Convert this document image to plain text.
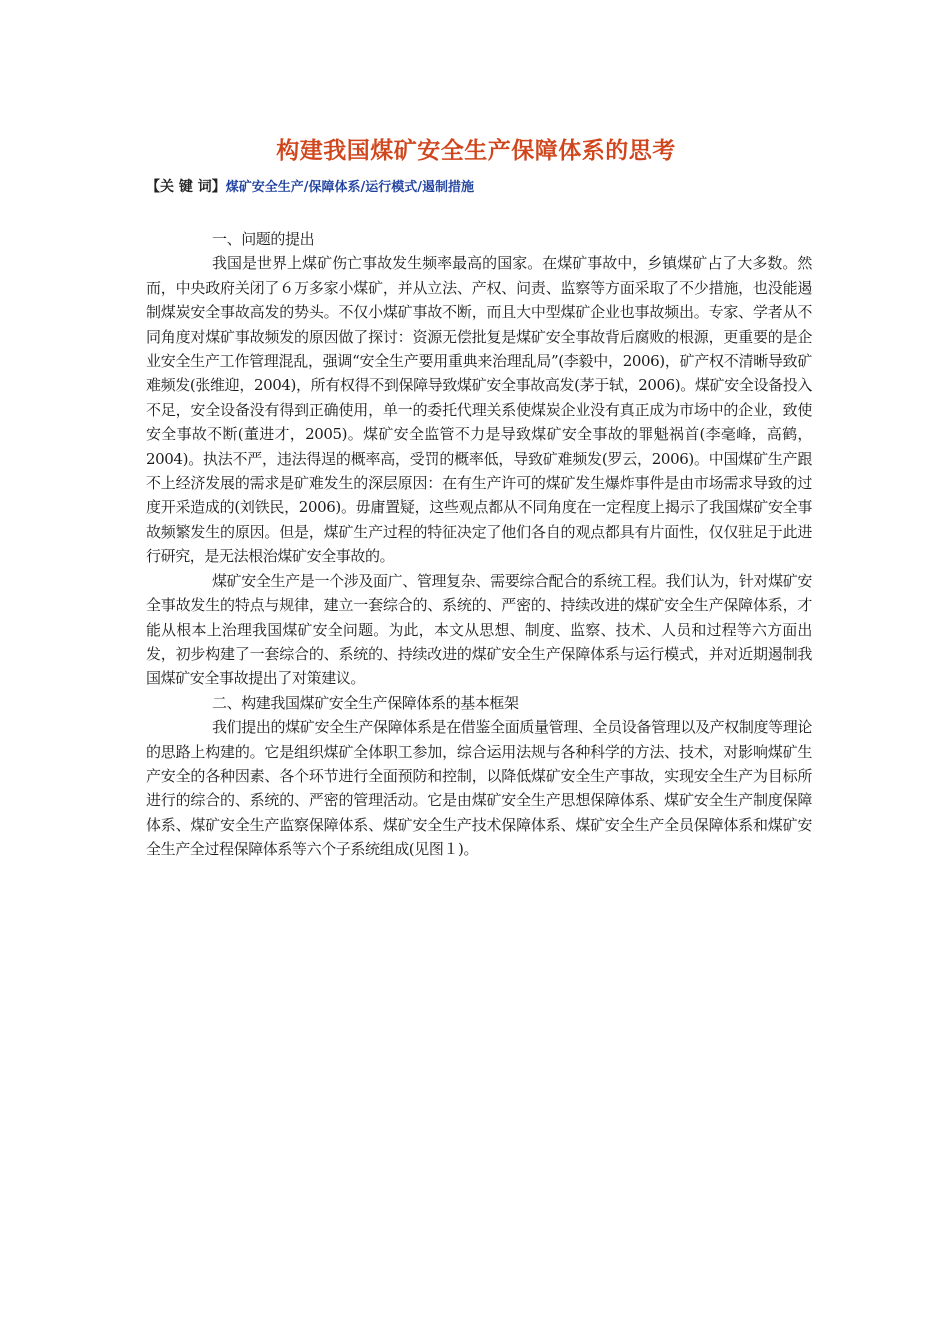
构建我国煤矿安全生产保障体系的思考
【关 键 词】煤矿安全生产/保障体系/运行模式/遏制措施

一、问题的提出

我国是世界上煤矿伤亡事故发生频率最高的国家。在煤矿事故中，乡镇煤矿占了大多数。然而，中央政府关闭了６万多家小煤矿，并从立法、产权、问责、监察等方面采取了不少措施，也没能遏制煤炭安全事故高发的势头。不仅小煤矿事故不断，而且大中型煤矿企业也事故频出。专家、学者从不同角度对煤矿事故频发的原因做了探讨：资源无偿批复是煤矿安全事故背后腐败的根源，更重要的是企业安全生产工作管理混乱，强调“安全生产要用重典来治理乱局”(李毅中，2006)，矿产权不清晰导致矿难频发(张维迎，2004)，所有权得不到保障导致煤矿安全事故高发(茅于轼，2006)。煤矿安全设备投入不足，安全设备没有得到正确使用，单一的委托代理关系使煤炭企业没有真正成为市场中的企业，致使安全事故不断(董进才，2005)。煤矿安全监管不力是导致煤矿安全事故的罪魁祸首(李毫峰，高鹤，2004)。执法不严，违法得逞的概率高，受罚的概率低，导致矿难频发(罗云，2006)。中国煤矿生产跟不上经济发展的需求是矿难发生的深层原因：在有生产许可的煤矿发生爆炸事件是由市场需求导致的过度开采造成的(刘铁民，2006)。毋庸置疑，这些观点都从不同角度在一定程度上揭示了我国煤矿安全事故频繁发生的原因。但是，煤矿生产过程的特征决定了他们各自的观点都具有片面性，仅仅驻足于此进行研究，是无法根治煤矿安全事故的。

煤矿安全生产是一个涉及面广、管理复杂、需要综合配合的系统工程。我们认为，针对煤矿安全事故发生的特点与规律，建立一套综合的、系统的、严密的、持续改进的煤矿安全生产保障体系，才能从根本上治理我国煤矿安全问题。为此，本文从思想、制度、监察、技术、人员和过程等六方面出发，初步构建了一套综合的、系统的、持续改进的煤矿安全生产保障体系与运行模式，并对近期遏制我国煤矿安全事故提出了对策建议。

二、构建我国煤矿安全生产保障体系的基本框架

我们提出的煤矿安全生产保障体系是在借鉴全面质量管理、全员设备管理以及产权制度等理论的思路上构建的。它是组织煤矿全体职工参加，综合运用法规与各种科学的方法、技术，对影响煤矿生产安全的各种因素、各个环节进行全面预防和控制，以降低煤矿安全生产事故，实现安全生产为目标所进行的综合的、系统的、严密的管理活动。它是由煤矿安全生产思想保障体系、煤矿安全生产制度保障体系、煤矿安全生产监察保障体系、煤矿安全生产技术保障体系、煤矿安全生产全员保障体系和煤矿安全生产全过程保障体系等六个子系统组成(见图１)。
